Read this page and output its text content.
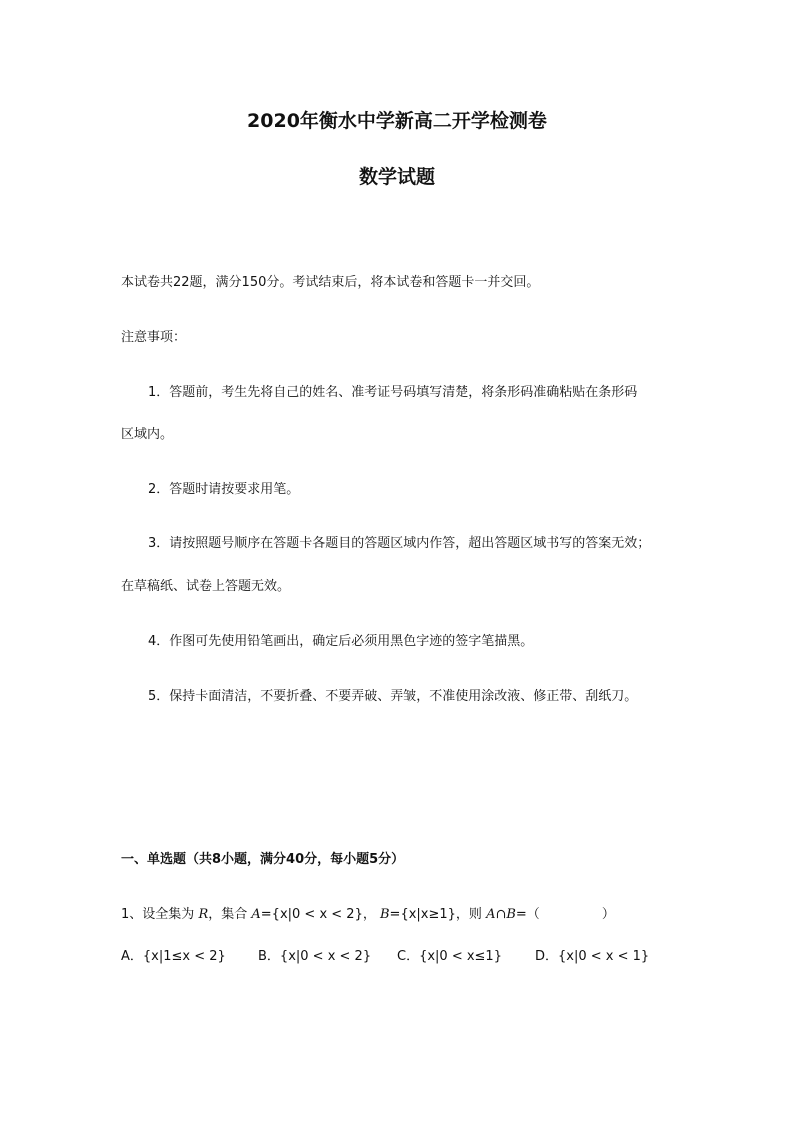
2020年衡水中学新高二开学检测卷
数学试题
本试卷共22题，满分150分。考试结束后，将本试卷和答题卡一并交回。
注意事项：
1．答题前，考生先将自己的姓名、准考证号码填写清楚，将条形码准确粘贴在条形码
区域内。
2．答题时请按要求用笔。
3．请按照题号顺序在答题卡各题目的答题区域内作答，超出答题区域书写的答案无效；
在草稿纸、试卷上答题无效。
4．作图可先使用铅笔画出，确定后必须用黑色字迹的签字笔描黑。
5．保持卡面清洁，不要折叠、不要弄破、弄皱，不准使用涂改液、修正带、刮纸刀。
一、单选题（共8小题，满分40分，每小题5分）
1、设全集为 R，集合 A={x|0 < x < 2}， B={x|x≥1}，则 A∩B=（	）
A．{x|1≤x < 2} B．{x|0 < x < 2} C．{x|0 < x≤1}	D．{x|0 < x < 1}
